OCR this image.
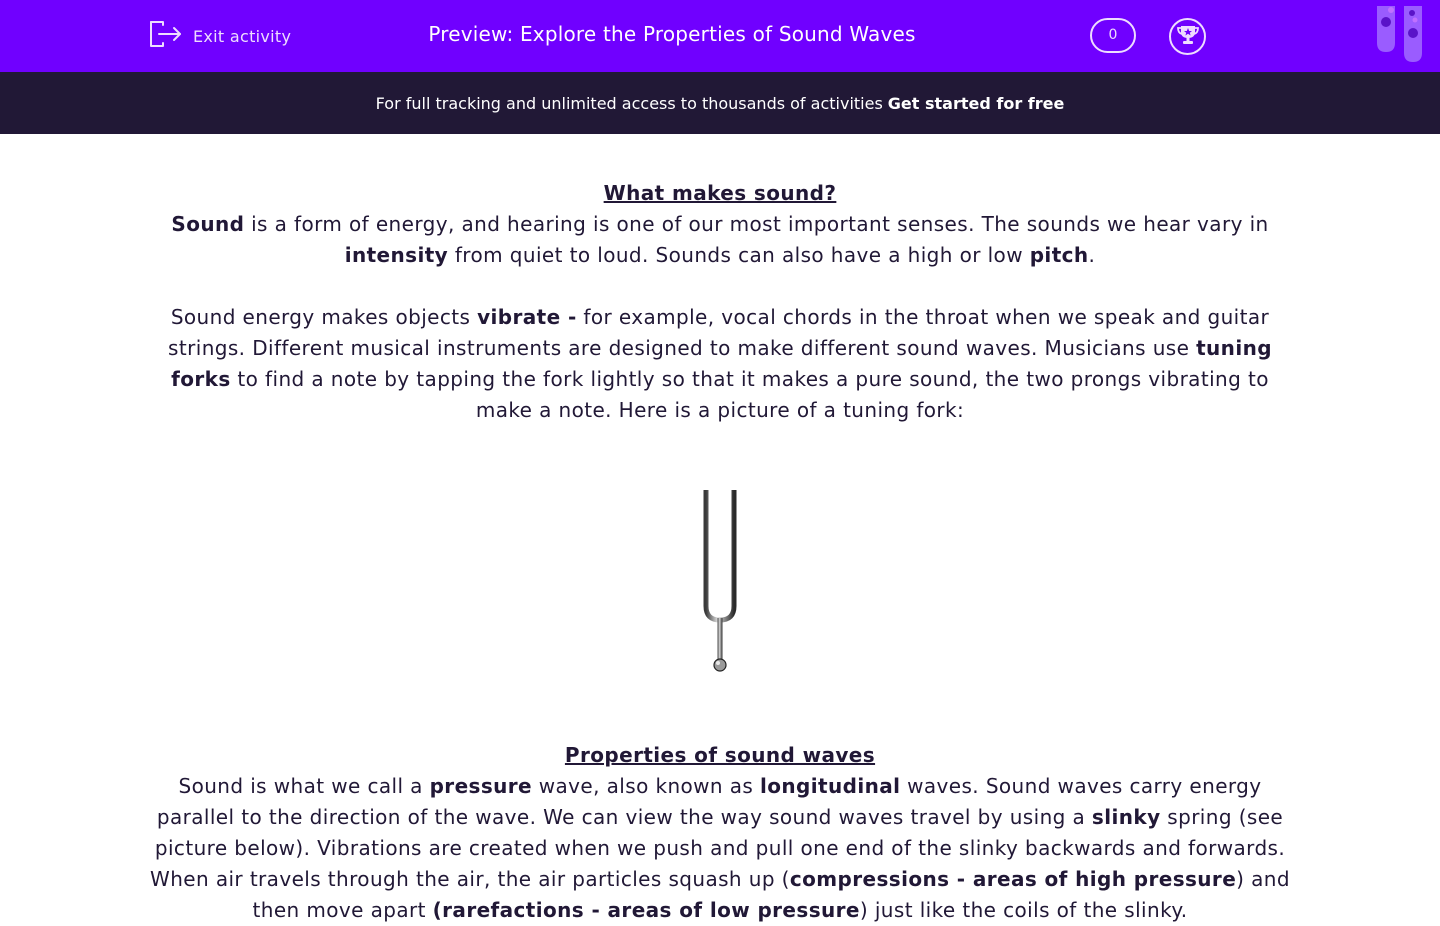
Exit activity	Preview: Explore the Properties of Sound Waves	0
For full tracking and unlimited access to thousands of activities Get started for free
What makes sound?

Sound is a form of energy, and hearing is one of our most important senses. The sounds we hear vary in intensity from quiet to loud. Sounds can also have a high or low pitch.

Sound energy makes objects vibrate - for example, vocal chords in the throat when we speak and guitar strings. Different musical instruments are designed to make different sound waves. Musicians use tuning forks to find a note by tapping the fork lightly so that it makes a pure sound, the two prongs vibrating to make a note. Here is a picture of a tuning fork:

Properties of sound waves

Sound is what we call a pressure wave, also known as longitudinal waves. Sound waves carry energy parallel to the direction of the wave. We can view the way sound waves travel by using a slinky spring (see picture below). Vibrations are created when we push and pull one end of the slinky backwards and forwards. When air travels through the air, the air particles squash up (compressions - areas of high pressure) and then move apart (rarefactions - areas of low pressure) just like the coils of the slinky.
